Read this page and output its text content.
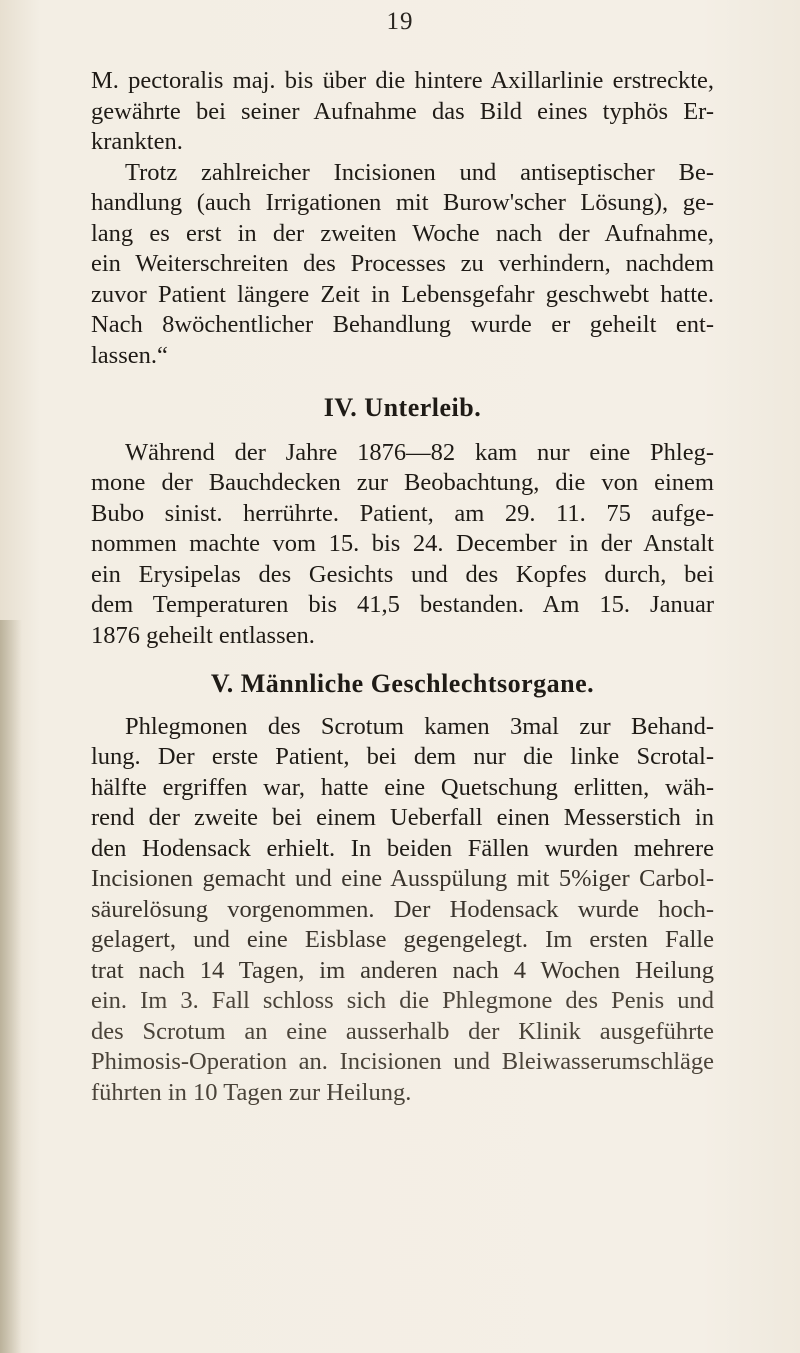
19
M. pectoralis maj. bis über die hintere Axillarlinie erstreckte,
gewährte bei seiner Aufnahme das Bild eines typhös Er-
krankten.
Trotz zahlreicher Incisionen und antiseptischer Be-
handlung (auch Irrigationen mit Burow'scher Lösung), ge-
lang es erst in der zweiten Woche nach der Aufnahme,
ein Weiterschreiten des Processes zu verhindern, nachdem
zuvor Patient längere Zeit in Lebensgefahr geschwebt hatte.
Nach 8wöchentlicher Behandlung wurde er geheilt ent-
lassen.“
IV. Unterleib.
Während der Jahre 1876—82 kam nur eine Phleg-
mone der Bauchdecken zur Beobachtung, die von einem
Bubo sinist. herrührte. Patient, am 29. 11. 75 aufge-
nommen machte vom 15. bis 24. December in der Anstalt
ein Erysipelas des Gesichts und des Kopfes durch, bei
dem Temperaturen bis 41,5 bestanden. Am 15. Januar
1876 geheilt entlassen.
V. Männliche Geschlechtsorgane.
Phlegmonen des Scrotum kamen 3mal zur Behand-
lung. Der erste Patient, bei dem nur die linke Scrotal-
hälfte ergriffen war, hatte eine Quetschung erlitten, wäh-
rend der zweite bei einem Ueberfall einen Messerstich in
den Hodensack erhielt. In beiden Fällen wurden mehrere
Incisionen gemacht und eine Ausspülung mit 5%iger Carbol-
säurelösung vorgenommen. Der Hodensack wurde hoch-
gelagert, und eine Eisblase gegengelegt. Im ersten Falle
trat nach 14 Tagen, im anderen nach 4 Wochen Heilung
ein. Im 3. Fall schloss sich die Phlegmone des Penis und
des Scrotum an eine ausserhalb der Klinik ausgeführte
Phimosis-Operation an. Incisionen und Bleiwasserumschläge
führten in 10 Tagen zur Heilung.
